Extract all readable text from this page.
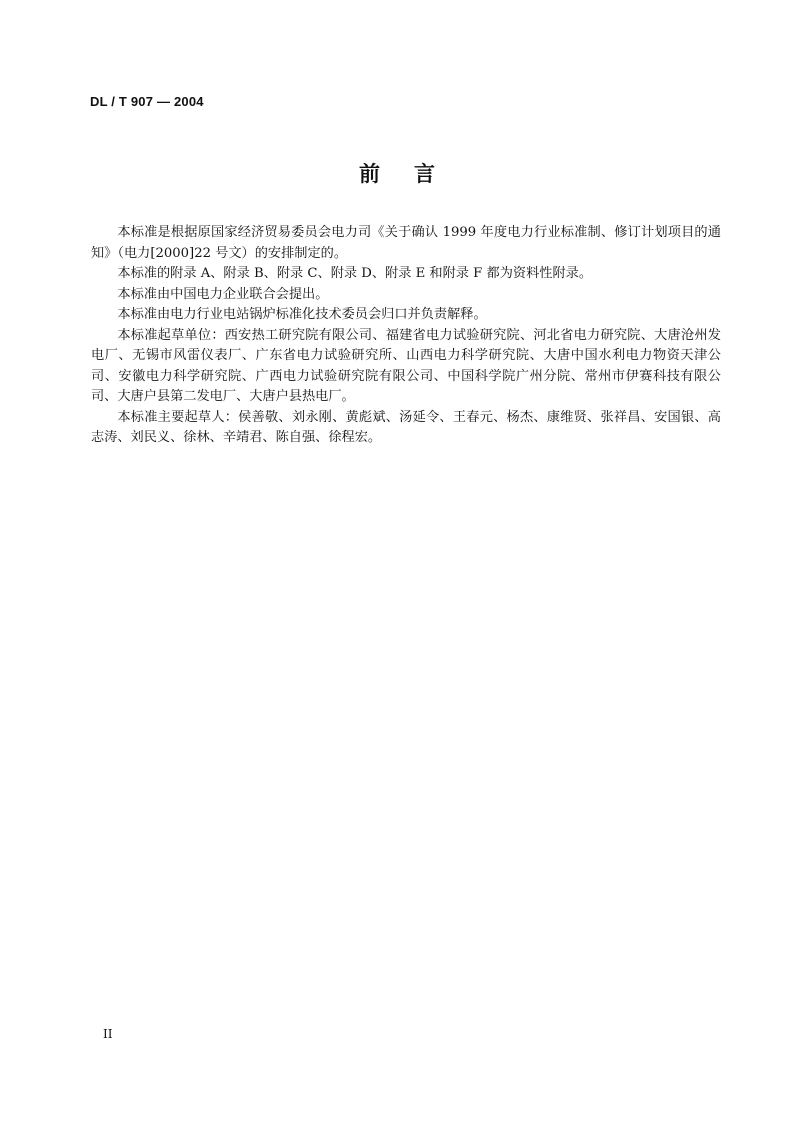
DL / T 907 — 2004
前言

本标准是根据原国家经济贸易委员会电力司《关于确认 1999 年度电力行业标准制、修订计划项目的通知》（电力[2000]22 号文）的安排制定的。

本标准的附录 A、附录 B、附录 C、附录 D、附录 E 和附录 F 都为资料性附录。

本标准由中国电力企业联合会提出。

本标准由电力行业电站锅炉标准化技术委员会归口并负责解释。

本标准起草单位：西安热工研究院有限公司、福建省电力试验研究院、河北省电力研究院、大唐沧州发电厂、无锡市风雷仪表厂、广东省电力试验研究所、山西电力科学研究院、大唐中国水利电力物资天津公司、安徽电力科学研究院、广西电力试验研究院有限公司、中国科学院广州分院、常州市伊赛科技有限公司、大唐户县第二发电厂、大唐户县热电厂。

本标准主要起草人：侯善敬、刘永刚、黄彪斌、汤延令、王春元、杨杰、康维贤、张祥昌、安国银、高志涛、刘民义、徐林、辛靖君、陈自强、徐程宏。

II
